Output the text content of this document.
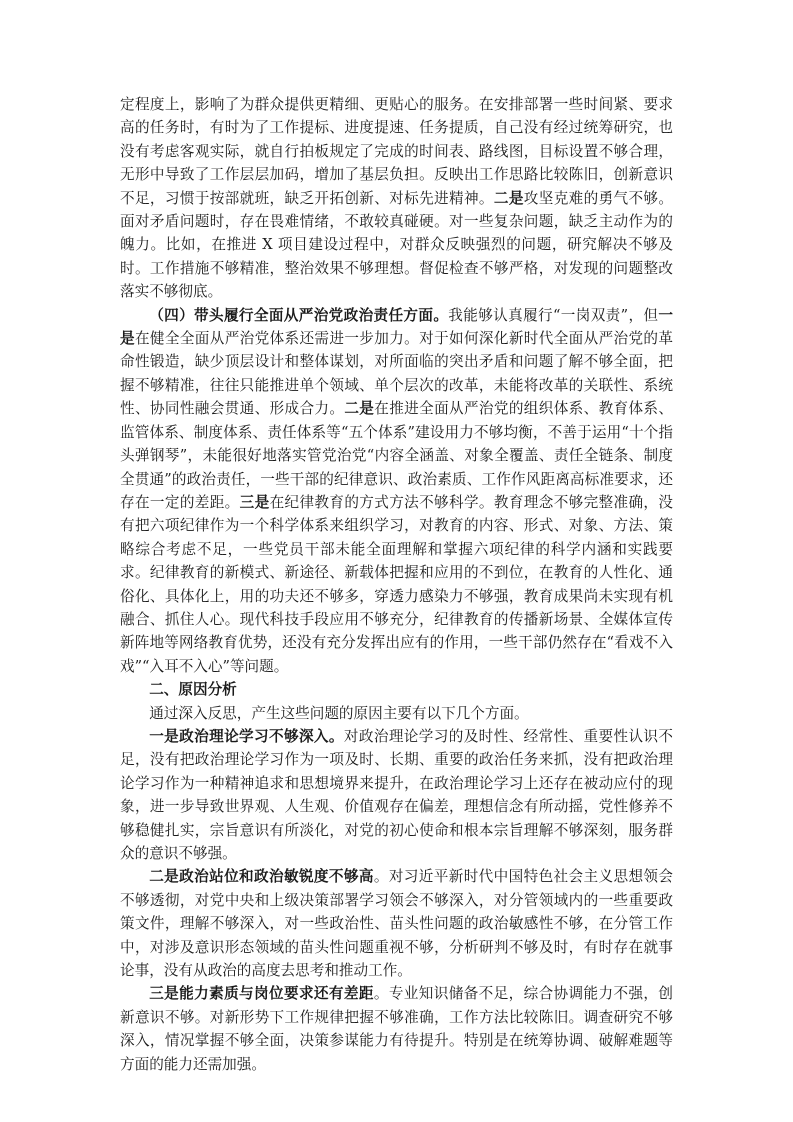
定程度上，影响了为群众提供更精细、更贴心的服务。在安排部署一些时间紧、要求高的任务时，有时为了工作提标、进度提速、任务提质，自己没有经过统筹研究，也没有考虑客观实际，就自行拍板规定了完成的时间表、路线图，目标设置不够合理，无形中导致了工作层层加码，增加了基层负担。反映出工作思路比较陈旧，创新意识不足，习惯于按部就班，缺乏开拓创新、对标先进精神。二是攻坚克难的勇气不够。面对矛盾问题时，存在畏难情绪，不敢较真碰硬。对一些复杂问题，缺乏主动作为的魄力。比如，在推进 X 项目建设过程中，对群众反映强烈的问题，研究解决不够及时。工作措施不够精准，整治效果不够理想。督促检查不够严格，对发现的问题整改落实不够彻底。

（四）带头履行全面从严治党政治责任方面。我能够认真履行“一岗双责”，但一是在健全全面从严治党体系还需进一步加力。对于如何深化新时代全面从严治党的革命性锻造，缺少顶层设计和整体谋划，对所面临的突出矛盾和问题了解不够全面，把握不够精准，往往只能推进单个领域、单个层次的改革，未能将改革的关联性、系统性、协同性融会贯通、形成合力。二是在推进全面从严治党的组织体系、教育体系、监管体系、制度体系、责任体系等“五个体系”建设用力不够均衡，不善于运用“十个指头弹钢琴”，未能很好地落实管党治党“内容全涵盖、对象全覆盖、责任全链条、制度全贯通”的政治责任，一些干部的纪律意识、政治素质、工作作风距离高标准要求，还存在一定的差距。三是在纪律教育的方式方法不够科学。教育理念不够完整准确，没有把六项纪律作为一个科学体系来组织学习，对教育的内容、形式、对象、方法、策略综合考虑不足，一些党员干部未能全面理解和掌握六项纪律的科学内涵和实践要求。纪律教育的新模式、新途径、新载体把握和应用的不到位，在教育的人性化、通俗化、具体化上，用的功夫还不够多，穿透力感染力不够强，教育成果尚未实现有机融合、抓住人心。现代科技手段应用不够充分，纪律教育的传播新场景、全媒体宣传新阵地等网络教育优势，还没有充分发挥出应有的作用，一些干部仍然存在“看戏不入戏”“入耳不入心”等问题。

二、原因分析

通过深入反思，产生这些问题的原因主要有以下几个方面。

一是政治理论学习不够深入。对政治理论学习的及时性、经常性、重要性认识不足，没有把政治理论学习作为一项及时、长期、重要的政治任务来抓，没有把政治理论学习作为一种精神追求和思想境界来提升，在政治理论学习上还存在被动应付的现象，进一步导致世界观、人生观、价值观存在偏差，理想信念有所动摇，党性修养不够稳健扎实，宗旨意识有所淡化，对党的初心使命和根本宗旨理解不够深刻，服务群众的意识不够强。

二是政治站位和政治敏锐度不够高。对习近平新时代中国特色社会主义思想领会不够透彻，对党中央和上级决策部署学习领会不够深入，对分管领域内的一些重要政策文件，理解不够深入，对一些政治性、苗头性问题的政治敏感性不够，在分管工作中，对涉及意识形态领域的苗头性问题重视不够，分析研判不够及时，有时存在就事论事，没有从政治的高度去思考和推动工作。

三是能力素质与岗位要求还有差距。专业知识储备不足，综合协调能力不强，创新意识不够。对新形势下工作规律把握不够准确，工作方法比较陈旧。调查研究不够深入，情况掌握不够全面，决策参谋能力有待提升。特别是在统筹协调、破解难题等方面的能力还需加强。
